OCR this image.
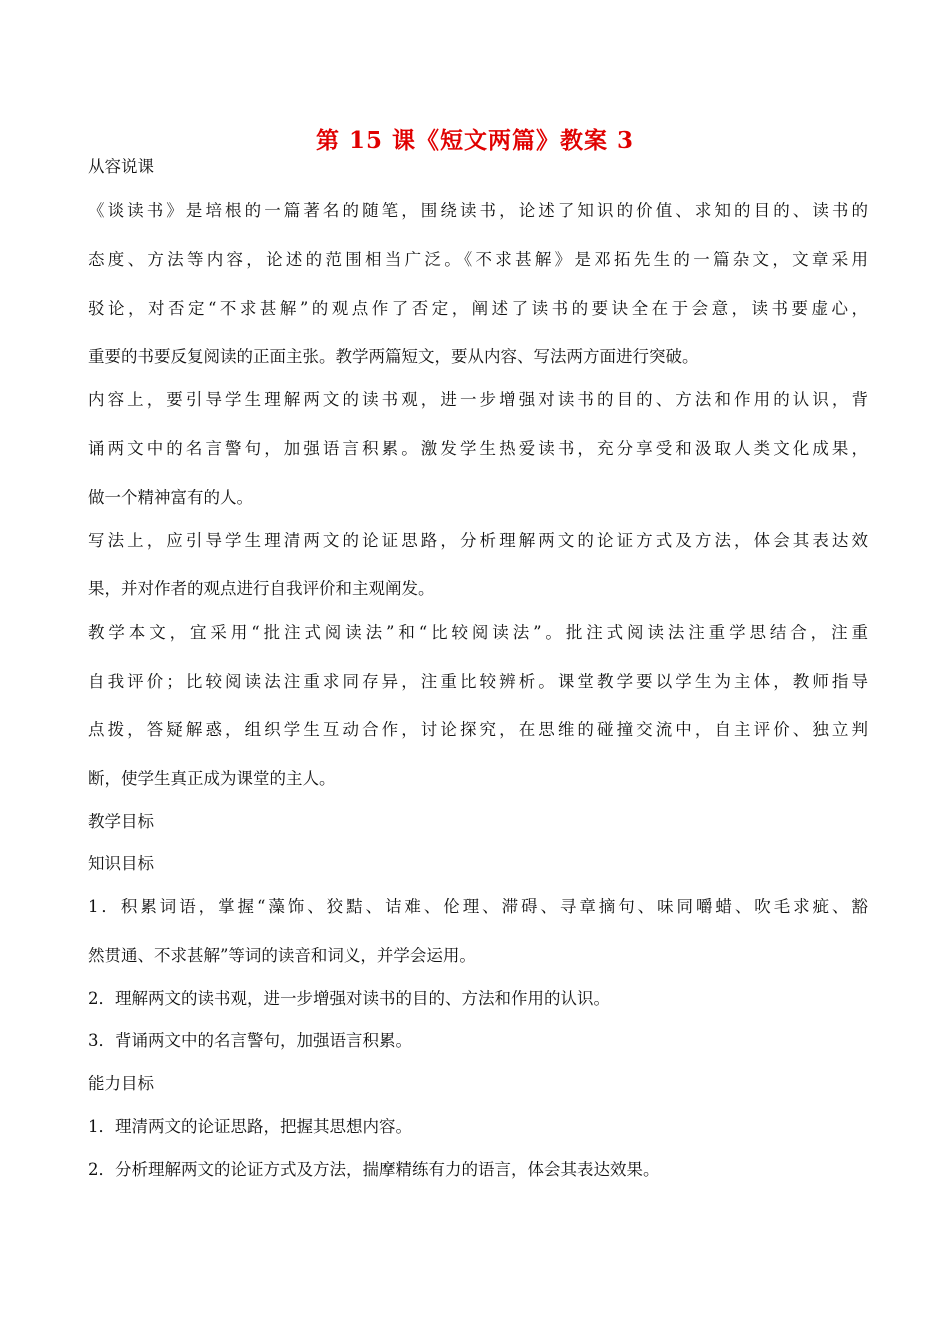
第 15 课《短文两篇》教案 3
从容说课
《谈读书》是培根的一篇著名的随笔，围绕读书，论述了知识的价值、求知的目的、读书的
态度、方法等内容，论述的范围相当广泛。《不求甚解》是邓拓先生的一篇杂文，文章采用
驳论，对否定“不求甚解”的观点作了否定，阐述了读书的要诀全在于会意，读书要虚心，
重要的书要反复阅读的正面主张。教学两篇短文，要从内容、写法两方面进行突破。
内容上，要引导学生理解两文的读书观，进一步增强对读书的目的、方法和作用的认识，背
诵两文中的名言警句，加强语言积累。激发学生热爱读书，充分享受和汲取人类文化成果，
做一个精神富有的人。
写法上，应引导学生理清两文的论证思路，分析理解两文的论证方式及方法，体会其表达效
果，并对作者的观点进行自我评价和主观阐发。
教学本文，宜采用“批注式阅读法”和“比较阅读法”。批注式阅读法注重学思结合，注重
自我评价；比较阅读法注重求同存异，注重比较辨析。课堂教学要以学生为主体，教师指导
点拨，答疑解惑，组织学生互动合作，讨论探究，在思维的碰撞交流中，自主评价、独立判
断，使学生真正成为课堂的主人。
教学目标
知识目标
1．积累词语，掌握“藻饰、狡黠、诘难、伦理、滞碍、寻章摘句、味同嚼蜡、吹毛求疵、豁
然贯通、不求甚解”等词的读音和词义，并学会运用。
2．理解两文的读书观，进一步增强对读书的目的、方法和作用的认识。
3．背诵两文中的名言警句，加强语言积累。
能力目标
1．理清两文的论证思路，把握其思想内容。
2．分析理解两文的论证方式及方法，揣摩精练有力的语言，体会其表达效果。
